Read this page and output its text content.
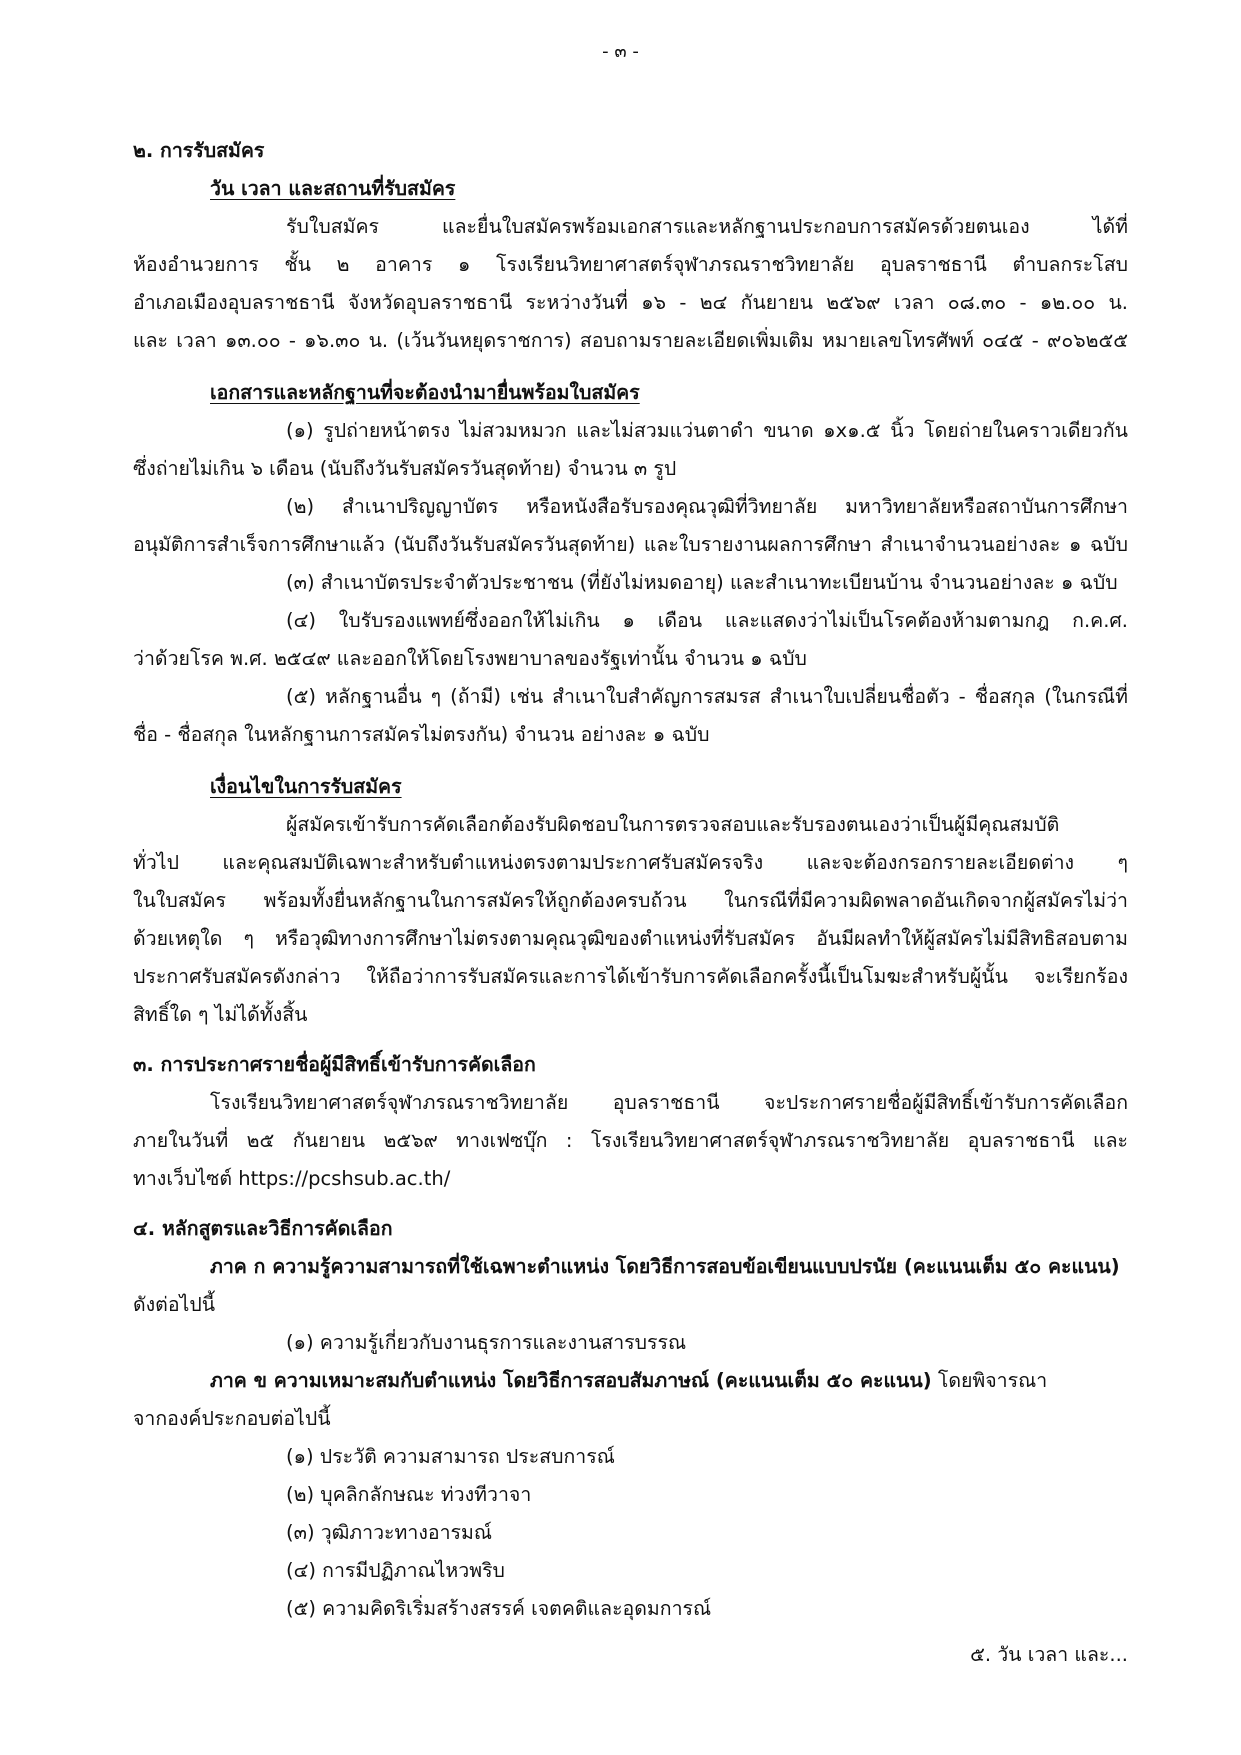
- ๓ -
๒. การรับสมัคร
วัน เวลา และสถานที่รับสมัคร
รับใบสมัคร และยื่นใบสมัครพร้อมเอกสารและหลักฐานประกอบการสมัครด้วยตนเอง ได้ที่
ห้องอำนวยการ ชั้น ๒ อาคาร ๑ โรงเรียนวิทยาศาสตร์จุฬาภรณราชวิทยาลัย อุบลราชธานี ตำบลกระโสบ
อำเภอเมืองอุบลราชธานี จังหวัดอุบลราชธานี ระหว่างวันที่ ๑๖ - ๒๔ กันยายน ๒๕๖๙ เวลา ๐๘.๓๐ - ๑๒.๐๐ น.
และ เวลา ๑๓.๐๐ - ๑๖.๓๐ น. (เว้นวันหยุดราชการ) สอบถามรายละเอียดเพิ่มเติม หมายเลขโทรศัพท์ ๐๔๕ - ๙๐๖๒๕๕
เอกสารและหลักฐานที่จะต้องนำมายื่นพร้อมใบสมัคร
(๑) รูปถ่ายหน้าตรง ไม่สวมหมวก และไม่สวมแว่นตาดำ ขนาด ๑x๑.๕ นิ้ว โดยถ่ายในคราวเดียวกัน
ซึ่งถ่ายไม่เกิน ๖ เดือน (นับถึงวันรับสมัครวันสุดท้าย) จำนวน ๓ รูป
(๒) สำเนาปริญญาบัตร หรือหนังสือรับรองคุณวุฒิที่วิทยาลัย มหาวิทยาลัยหรือสถาบันการศึกษา
อนุมัติการสำเร็จการศึกษาแล้ว (นับถึงวันรับสมัครวันสุดท้าย) และใบรายงานผลการศึกษา สำเนาจำนวนอย่างละ ๑ ฉบับ
(๓) สำเนาบัตรประจำตัวประชาชน (ที่ยังไม่หมดอายุ) และสำเนาทะเบียนบ้าน จำนวนอย่างละ ๑ ฉบับ
(๔) ใบรับรองแพทย์ซึ่งออกให้ไม่เกิน ๑ เดือน และแสดงว่าไม่เป็นโรคต้องห้ามตามกฎ ก.ค.ศ.
ว่าด้วยโรค พ.ศ. ๒๕๔๙ และออกให้โดยโรงพยาบาลของรัฐเท่านั้น จำนวน ๑ ฉบับ
(๕) หลักฐานอื่น ๆ (ถ้ามี) เช่น สำเนาใบสำคัญการสมรส สำเนาใบเปลี่ยนชื่อตัว - ชื่อสกุล (ในกรณีที่
ชื่อ - ชื่อสกุล ในหลักฐานการสมัครไม่ตรงกัน) จำนวน อย่างละ ๑ ฉบับ
เงื่อนไขในการรับสมัคร
ผู้สมัครเข้ารับการคัดเลือกต้องรับผิดชอบในการตรวจสอบและรับรองตนเองว่าเป็นผู้มีคุณสมบัติ
ทั่วไป และคุณสมบัติเฉพาะสำหรับตำแหน่งตรงตามประกาศรับสมัครจริง และจะต้องกรอกรายละเอียดต่าง ๆ
ในใบสมัคร พร้อมทั้งยื่นหลักฐานในการสมัครให้ถูกต้องครบถ้วน ในกรณีที่มีความผิดพลาดอันเกิดจากผู้สมัครไม่ว่า
ด้วยเหตุใด ๆ หรือวุฒิทางการศึกษาไม่ตรงตามคุณวุฒิของตำแหน่งที่รับสมัคร อันมีผลทำให้ผู้สมัครไม่มีสิทธิสอบตาม
ประกาศรับสมัครดังกล่าว ให้ถือว่าการรับสมัครและการได้เข้ารับการคัดเลือกครั้งนี้เป็นโมฆะสำหรับผู้นั้น จะเรียกร้อง
สิทธิ์ใด ๆ ไม่ได้ทั้งสิ้น
๓. การประกาศรายชื่อผู้มีสิทธิ์เข้ารับการคัดเลือก
โรงเรียนวิทยาศาสตร์จุฬาภรณราชวิทยาลัย อุบลราชธานี จะประกาศรายชื่อผู้มีสิทธิ์เข้ารับการคัดเลือก
ภายในวันที่ ๒๕ กันยายน ๒๕๖๙ ทางเฟซบุ๊ก : โรงเรียนวิทยาศาสตร์จุฬาภรณราชวิทยาลัย อุบลราชธานี และ
ทางเว็บไซต์ https://pcshsub.ac.th/
๔. หลักสูตรและวิธีการคัดเลือก
ภาค ก ความรู้ความสามารถที่ใช้เฉพาะตำแหน่ง โดยวิธีการสอบข้อเขียนแบบปรนัย (คะแนนเต็ม ๕๐ คะแนน)
ดังต่อไปนี้
(๑) ความรู้เกี่ยวกับงานธุรการและงานสารบรรณ
ภาค ข ความเหมาะสมกับตำแหน่ง โดยวิธีการสอบสัมภาษณ์ (คะแนนเต็ม ๕๐ คะแนน) โดยพิจารณา
จากองค์ประกอบต่อไปนี้
(๑) ประวัติ ความสามารถ ประสบการณ์
(๒) บุคลิกลักษณะ ท่วงทีวาจา
(๓) วุฒิภาวะทางอารมณ์
(๔) การมีปฏิภาณไหวพริบ
(๕) ความคิดริเริ่มสร้างสรรค์ เจตคติและอุดมการณ์
๕. วัน เวลา และ...
